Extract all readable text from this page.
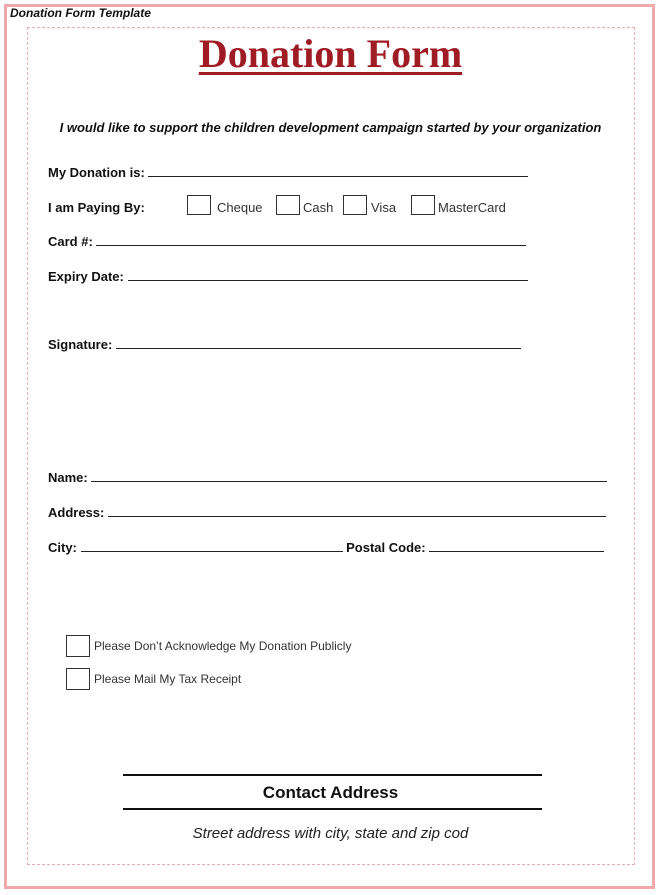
Donation Form Template
Donation Form
I would like to support the children development campaign started by your organization
My Donation is:
I am Paying By:	Cheque	Cash	Visa	MasterCard
Card #:
Expiry Date:
Signature:
Name:
Address:
City:	Postal Code:
Please Don’t Acknowledge My Donation Publicly
Please Mail My Tax Receipt
Contact Address
Street address with city, state and zip cod
